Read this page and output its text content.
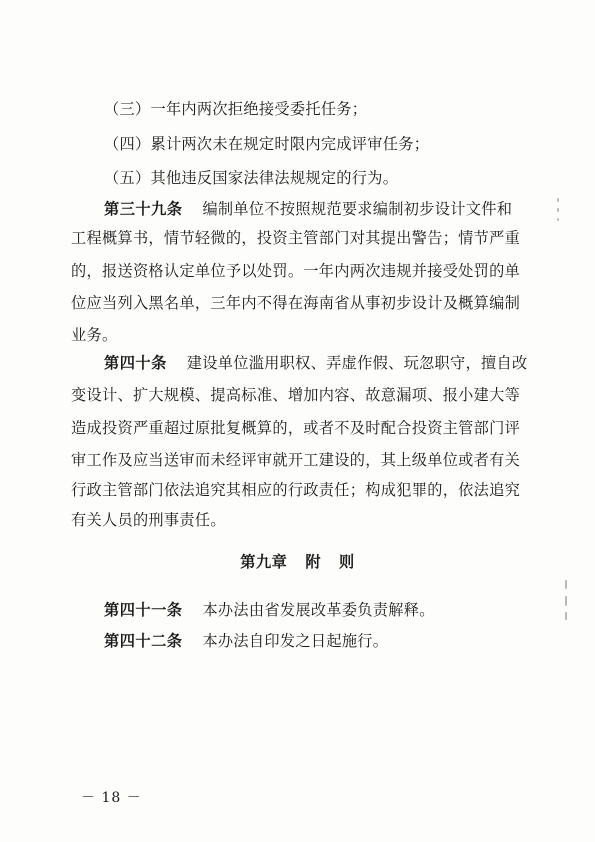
（三）一年内两次拒绝接受委托任务；
（四）累计两次未在规定时限内完成评审任务；
（五）其他违反国家法律法规规定的行为。
第三十九条 编制单位不按照规范要求编制初步设计文件和
工程概算书，情节轻微的，投资主管部门对其提出警告；情节严重
的，报送资格认定单位予以处罚。一年内两次违规并接受处罚的单
位应当列入黑名单，三年内不得在海南省从事初步设计及概算编制
业务。
第四十条 建设单位滥用职权、弄虚作假、玩忽职守，擅自改
变设计、扩大规模、提高标准、增加内容、故意漏项、报小建大等
造成投资严重超过原批复概算的，或者不及时配合投资主管部门评
审工作及应当送审而未经评审就开工建设的，其上级单位或者有关
行政主管部门依法追究其相应的行政责任；构成犯罪的，依法追究
有关人员的刑事责任。
第九章 附 则
第四十一条 本办法由省发展改革委负责解释。
第四十二条 本办法自印发之日起施行。
－ 18 －
